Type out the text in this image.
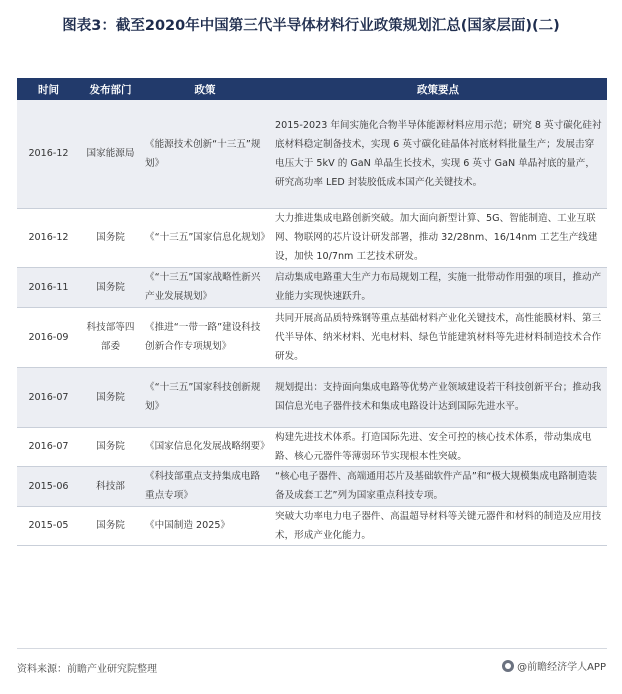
图表3：截至2020年中国第三代半导体材料行业政策规划汇总(国家层面)(二)
时间	发布部门	政策	政策要点
2016-12	国家能源局	《能源技术创新“十三五”规划》	2015-2023 年间实施化合物半导体能源材料应用示范；研究 8 英寸碳化硅衬底材料稳定制备技术，实现 6 英寸碳化硅晶体衬底材料批量生产；发展击穿电压大于 5kV 的 GaN 单晶生长技术，实现 6 英寸 GaN 单晶衬底的量产，研究高功率 LED 封装胶低成本国产化关键技术。
2016-12	国务院	《“十三五”国家信息化规划》	大力推进集成电路创新突破。加大面向新型计算、5G、智能制造、工业互联网、物联网的芯片设计研发部署，推动 32/28nm、16/14nm 工艺生产线建设，加快 10/7nm 工艺技术研发。
2016-11	国务院	《“十三五”国家战略性新兴产业发展规划》	启动集成电路重大生产力布局规划工程，实施一批带动作用强的项目，推动产业能力实现快速跃升。
2016-09	科技部等四部委	《推进“一带一路”建设科技创新合作专项规划》	共同开展高品质特殊钢等重点基础材料产业化关键技术，高性能膜材料、第三代半导体、纳米材料、光电材料、绿色节能建筑材料等先进材料制造技术合作研发。
2016-07	国务院	《“十三五”国家科技创新规划》	规划提出：支持面向集成电路等优势产业领域建设若干科技创新平台；推动我国信息光电子器件技术和集成电路设计达到国际先进水平。
2016-07	国务院	《国家信息化发展战略纲要》	构建先进技术体系。打造国际先进、安全可控的核心技术体系，带动集成电路、核心元器件等薄弱环节实现根本性突破。
2015-06	科技部	《科技部重点支持集成电路重点专项》	“核心电子器件、高端通用芯片及基础软件产品”和“极大规模集成电路制造装备及成套工艺”列为国家重点科技专项。
2015-05	国务院	《中国制造 2025》	突破大功率电力电子器件、高温超导材料等关键元器件和材料的制造及应用技术，形成产业化能力。
资料来源：前瞻产业研究院整理	@前瞻经济学人APP
